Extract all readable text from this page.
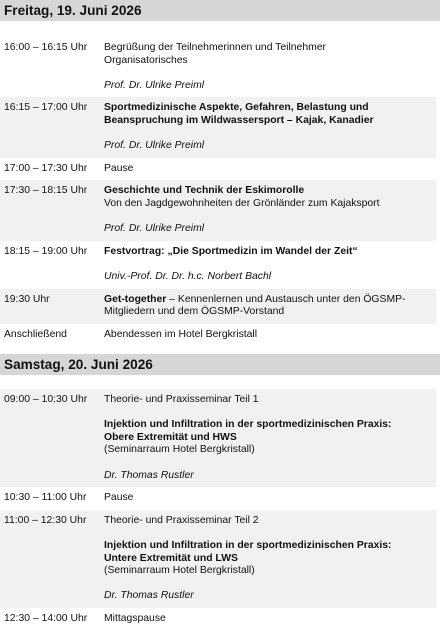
Freitag, 19. Juni 2026
16:00 – 16:15 Uhr	Begrüßung der Teilnehmerinnen und Teilnehmer
Organisatorisches
Prof. Dr. Ulrike Preiml
16:15 – 17:00 Uhr	Sportmedizinische Aspekte, Gefahren, Belastung und
Beanspruchung im Wildwassersport – Kajak, Kanadier
Prof. Dr. Ulrike Preiml
17:00 – 17:30 Uhr	Pause
17:30 – 18:15 Uhr	Geschichte und Technik der Eskimorolle
Von den Jagdgewohnheiten der Grönländer zum Kajaksport
Prof. Dr. Ulrike Preiml
18:15 – 19:00 Uhr	Festvortrag: „Die Sportmedizin im Wandel der Zeit“
Univ.-Prof. Dr. Dr. h.c. Norbert Bachl
19:30 Uhr	Get-together – Kennenlernen und Austausch unter den ÖGSMP-
Mitgliedern und dem ÖGSMP-Vorstand
Anschließend	Abendessen im Hotel Bergkristall
Samstag, 20. Juni 2026
09:00 – 10:30 Uhr	Theorie- und Praxisseminar Teil 1
Injektion und Infiltration in der sportmedizinischen Praxis:
Obere Extremität und HWS
(Seminarraum Hotel Bergkristall)
Dr. Thomas Rustler
10:30 – 11:00 Uhr	Pause
11:00 – 12:30 Uhr	Theorie- und Praxisseminar Teil 2
Injektion und Infiltration in der sportmedizinischen Praxis:
Untere Extremität und LWS
(Seminarraum Hotel Bergkristall)
Dr. Thomas Rustler
12:30 – 14:00 Uhr	Mittagspause
